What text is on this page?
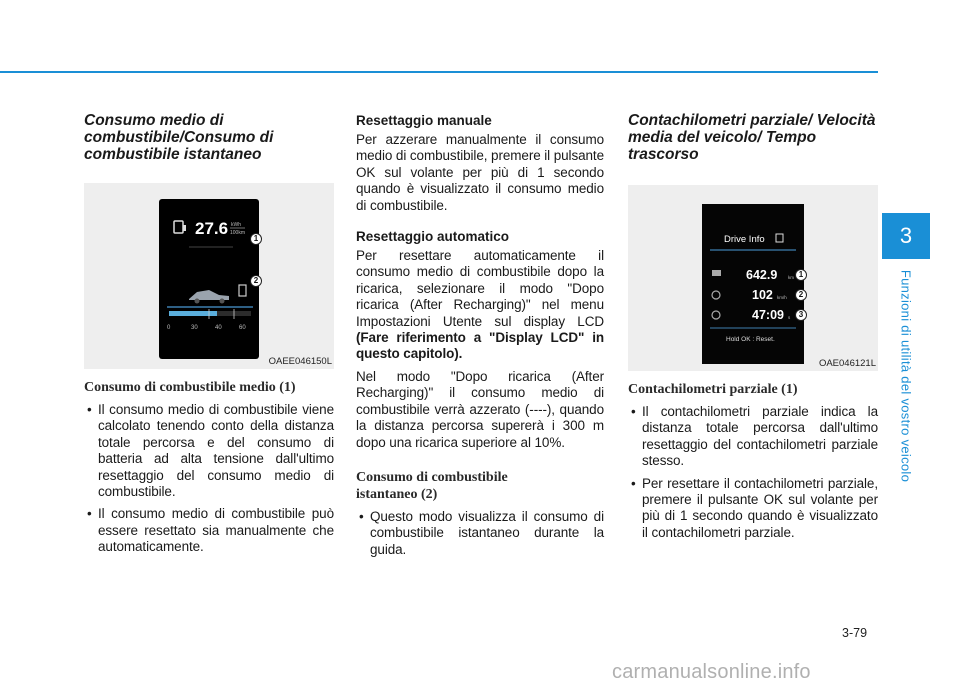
Consumo medio di combustibile/Consumo di combustibile istantaneo
27.6 kWh
100km
0	30	40	60
1
2
OAEE046150L
Consumo di combustibile medio (1)
• Il consumo medio di combustibile viene calcolato tenendo conto della distanza totale percorsa e del consumo di batteria ad alta tensione dall'ultimo resettaggio del consumo medio di combustibile.
• Il consumo medio di combustibile può essere resettato sia manualmente che automaticamente.
Resettaggio manuale

Per azzerare manualmente il consumo medio di combustibile, premere il pulsante OK sul volante per più di 1 secondo quando è visualizzato il consumo medio di combustibile.

Resettaggio automatico

Per resettare automaticamente il consumo medio di combustibile dopo la ricarica, selezionare il modo "Dopo ricarica (After Recharging)" nel menu Impostazioni Utente sul display LCD (Fare riferimento a "Display LCD" in questo capitolo).

Nel modo "Dopo ricarica (After Recharging)" il consumo medio di combustibile verrà azzerato (----), quando la distanza percorsa supererà i 300 m dopo una ricarica superiore al 10%.

Consumo di combustibile istantaneo (2)
• Questo modo visualizza il consumo di combustibile istantaneo durante la guida.
Contachilometri parziale/ Velocità media del veicolo/ Tempo trascorso
Drive Info
642.9 km
102 km/h
47:09 s
Hold OK : Reset.
1
2
3
OAE046121L
Contachilometri parziale (1)
• Il contachilometri parziale indica la distanza totale percorsa dall'ultimo resettaggio del contachilometri parziale stesso.
• Per resettare il contachilometri parziale, premere il pulsante OK sul volante per più di 1 secondo quando è visualizzato il contachilometri parziale.
3
Funzioni di utilità del vostro veicolo
3-79
carmanualsonline.info
